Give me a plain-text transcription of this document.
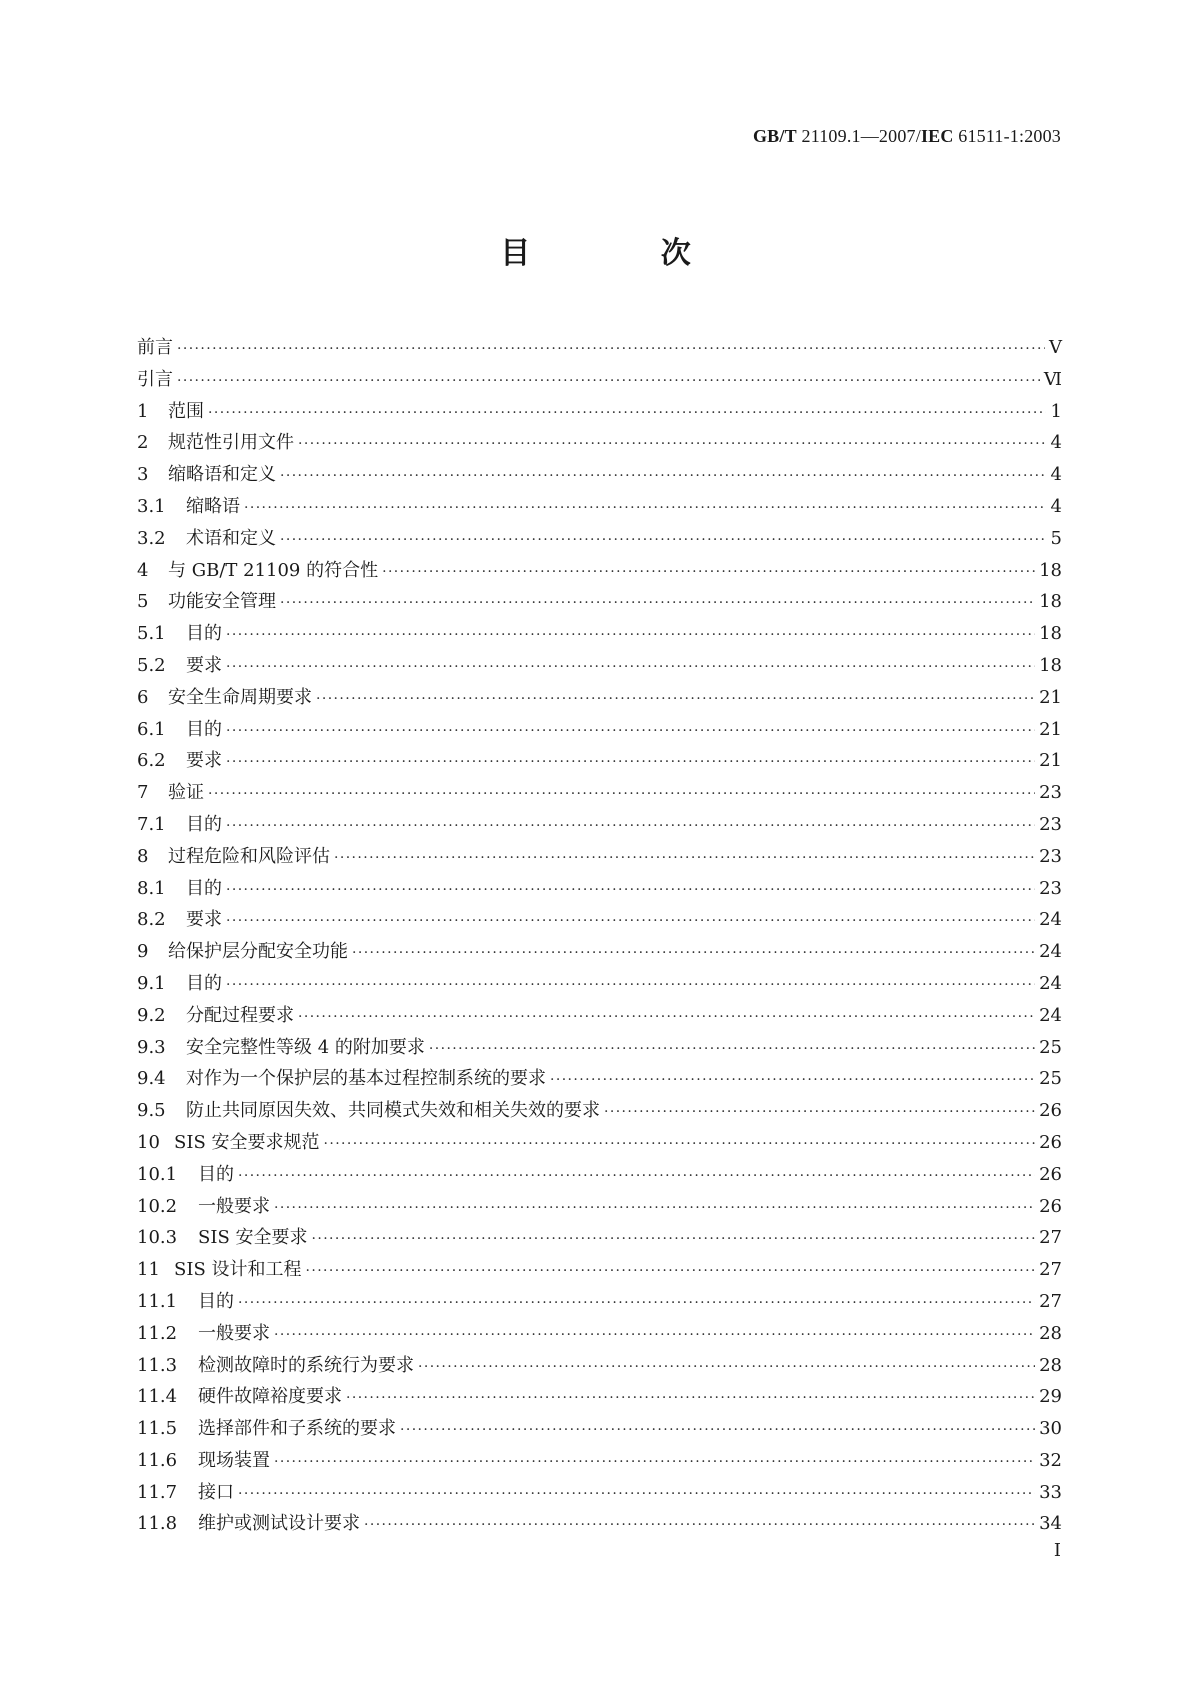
GB/T 21109.1—2007/IEC 61511-1:2003
目 次
前言 ·····	Ⅴ
引言 ·····	Ⅵ
1	范围 ·····	1
2	规范性引用文件 ·····	4
3	缩略语和定义 ·····	4
3.1	缩略语 ·····	4
3.2	术语和定义 ·····	5
4	与 GB/T 21109 的符合性 ·····	18
5	功能安全管理 ·····	18
5.1	目的 ·····	18
5.2	要求 ·····	18
6	安全生命周期要求 ·····	21
6.1	目的 ·····	21
6.2	要求 ·····	21
7	验证 ·····	23
7.1	目的 ·····	23
8	过程危险和风险评估 ·····	23
8.1	目的 ·····	23
8.2	要求 ·····	24
9	给保护层分配安全功能 ·····	24
9.1	目的 ·····	24
9.2	分配过程要求 ·····	24
9.3	安全完整性等级 4 的附加要求 ·····	25
9.4	对作为一个保护层的基本过程控制系统的要求 ·····	25
9.5	防止共同原因失效、共同模式失效和相关失效的要求 ·····	26
10 SIS 安全要求规范 ·····	26
10.1	目的 ·····	26
10.2	一般要求 ·····	26
10.3	SIS 安全要求 ·····	27
11 SIS 设计和工程 ·····	27
11.1	目的 ·····	27
11.2	一般要求 ·····	28
11.3	检测故障时的系统行为要求 ·····	28
11.4	硬件故障裕度要求 ·····	29
11.5	选择部件和子系统的要求 ·····	30
11.6	现场装置 ·····	32
11.7	接口 ·····	33
11.8	维护或测试设计要求 ·····	34
Ⅰ
